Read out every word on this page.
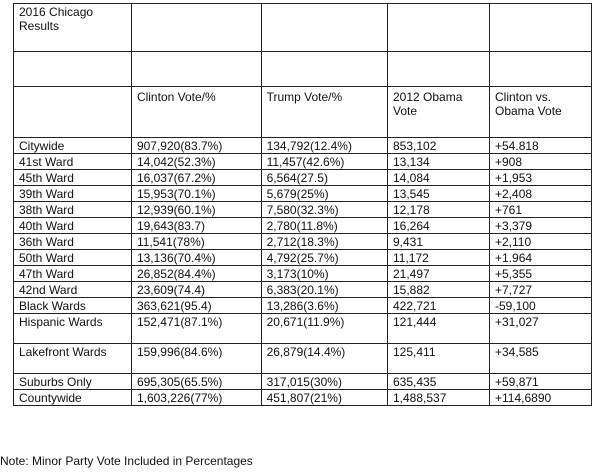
2016 Chicago Results				

	Clinton Vote/%	Trump Vote/%	2012 Obama Vote	Clinton vs. Obama Vote
Citywide	907,920(83.7%)	134,792(12.4%)	853,102	+54.818
41st Ward	14,042(52.3%)	11,457(42.6%)	13,134	+908
45th Ward	16,037(67.2%)	6,564(27.5)	14,084	+1,953
39th Ward	15,953(70.1%)	5,679(25%)	13,545	+2,408
38th Ward	12,939(60.1%)	7,580(32.3%)	12,178	+761
40th Ward	19,643(83.7)	2,780(11.8%)	16,264	+3,379
36th Ward	11,541(78%)	2,712(18.3%)	9,431	+2,110
50th Ward	13,136(70.4%)	4,792(25.7%)	11,172	+1.964
47th Ward	26,852(84.4%)	3,173(10%)	21,497	+5,355
42nd Ward	23,609(74.4)	6,383(20.1%)	15,882	+7,727
Black Wards	363,621(95.4)	13,286(3.6%)	422,721	-59,100
Hispanic Wards	152,471(87.1%)	20,671(11.9%)	121,444	+31,027
Lakefront Wards	159,996(84.6%)	26,879(14.4%)	125,411	+34,585
Suburbs Only	695,305(65.5%)	317,015(30%)	635,435	+59,871
Countywide	1,603,226(77%)	451,807(21%)	1,488,537	+114,6890
Note: Minor Party Vote Included in Percentages
